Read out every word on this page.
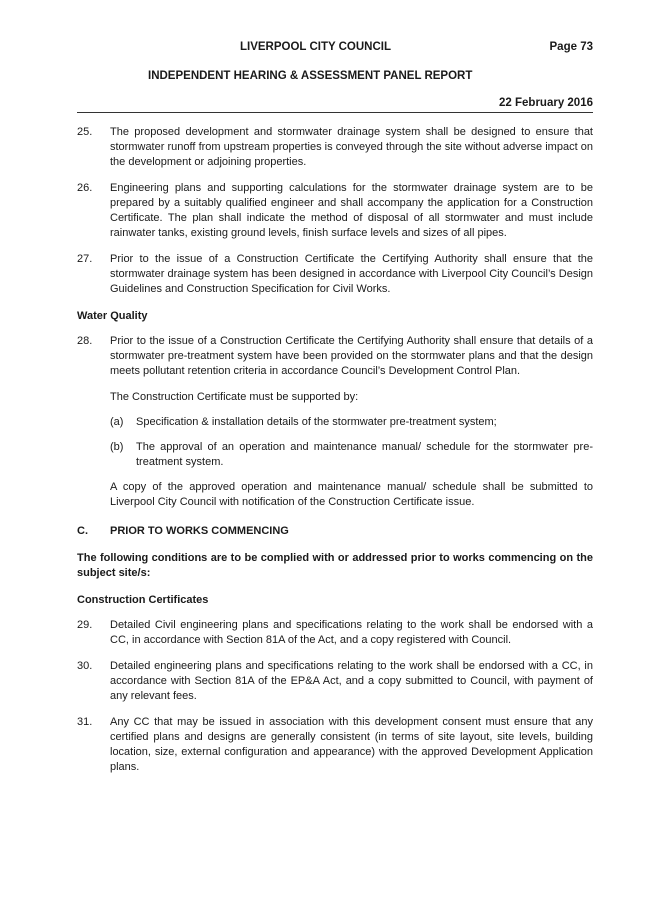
LIVERPOOL CITY COUNCIL	Page 73
INDEPENDENT HEARING & ASSESSMENT PANEL REPORT
22 February 2016
25.	The proposed development and stormwater drainage system shall be designed to ensure that stormwater runoff from upstream properties is conveyed through the site without adverse impact on the development or adjoining properties.
26.	Engineering plans and supporting calculations for the stormwater drainage system are to be prepared by a suitably qualified engineer and shall accompany the application for a Construction Certificate. The plan shall indicate the method of disposal of all stormwater and must include rainwater tanks, existing ground levels, finish surface levels and sizes of all pipes.
27.	Prior to the issue of a Construction Certificate the Certifying Authority shall ensure that the stormwater drainage system has been designed in accordance with Liverpool City Council’s Design Guidelines and Construction Specification for Civil Works.
Water Quality
28.	Prior to the issue of a Construction Certificate the Certifying Authority shall ensure that details of a stormwater pre-treatment system have been provided on the stormwater plans and that the design meets pollutant retention criteria in accordance Council’s Development Control Plan.
The Construction Certificate must be supported by:
(a)	Specification & installation details of the stormwater pre-treatment system;
(b)	The approval of an operation and maintenance manual/ schedule for the stormwater pre-treatment system.
A copy of the approved operation and maintenance manual/ schedule shall be submitted to Liverpool City Council with notification of the Construction Certificate issue.
C.	PRIOR TO WORKS COMMENCING
The following conditions are to be complied with or addressed prior to works commencing on the subject site/s:
Construction Certificates
29.	Detailed Civil engineering plans and specifications relating to the work shall be endorsed with a CC, in accordance with Section 81A of the Act, and a copy registered with Council.
30.	Detailed engineering plans and specifications relating to the work shall be endorsed with a CC, in accordance with Section 81A of the EP&A Act, and a copy submitted to Council, with payment of any relevant fees.
31.	Any CC that may be issued in association with this development consent must ensure that any certified plans and designs are generally consistent (in terms of site layout, site levels, building location, size, external configuration and appearance) with the approved Development Application plans.
